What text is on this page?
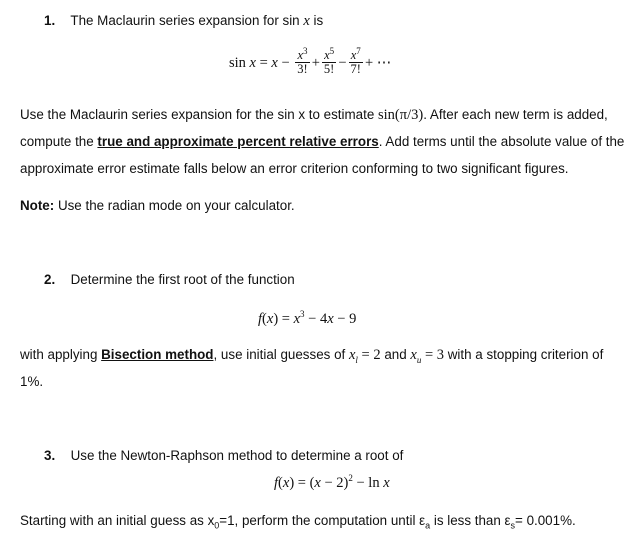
1. The Maclaurin series expansion for sin x is
$\sin x = x - \frac{x^3}{3!} + \frac{x^5}{5!} - \frac{x^7}{7!}$ + ⋯
Use the Maclaurin series expansion for the sin x to estimate sin(π/3). After each new term is added,
compute the true and approximate percent relative errors. Add terms until the absolute value of the
approximate error estimate falls below an error criterion conforming to two significant figures.
Note: Use the radian mode on your calculator.
2. Determine the first root of the function
$f(x) = x^3 - 4x - 9$
with applying Bisection method, use initial guesses of $x_l = 2$ and $x_u = 3$ with a stopping criterion of
1%.
3. Use the Newton-Raphson method to determine a root of
$f(x) = (x - 2)^2 - \ln x$
Starting with an initial guess as $x_0=1$, perform the computation until $\varepsilon_a$ is less than $\varepsilon_s= 0.001\%$.
